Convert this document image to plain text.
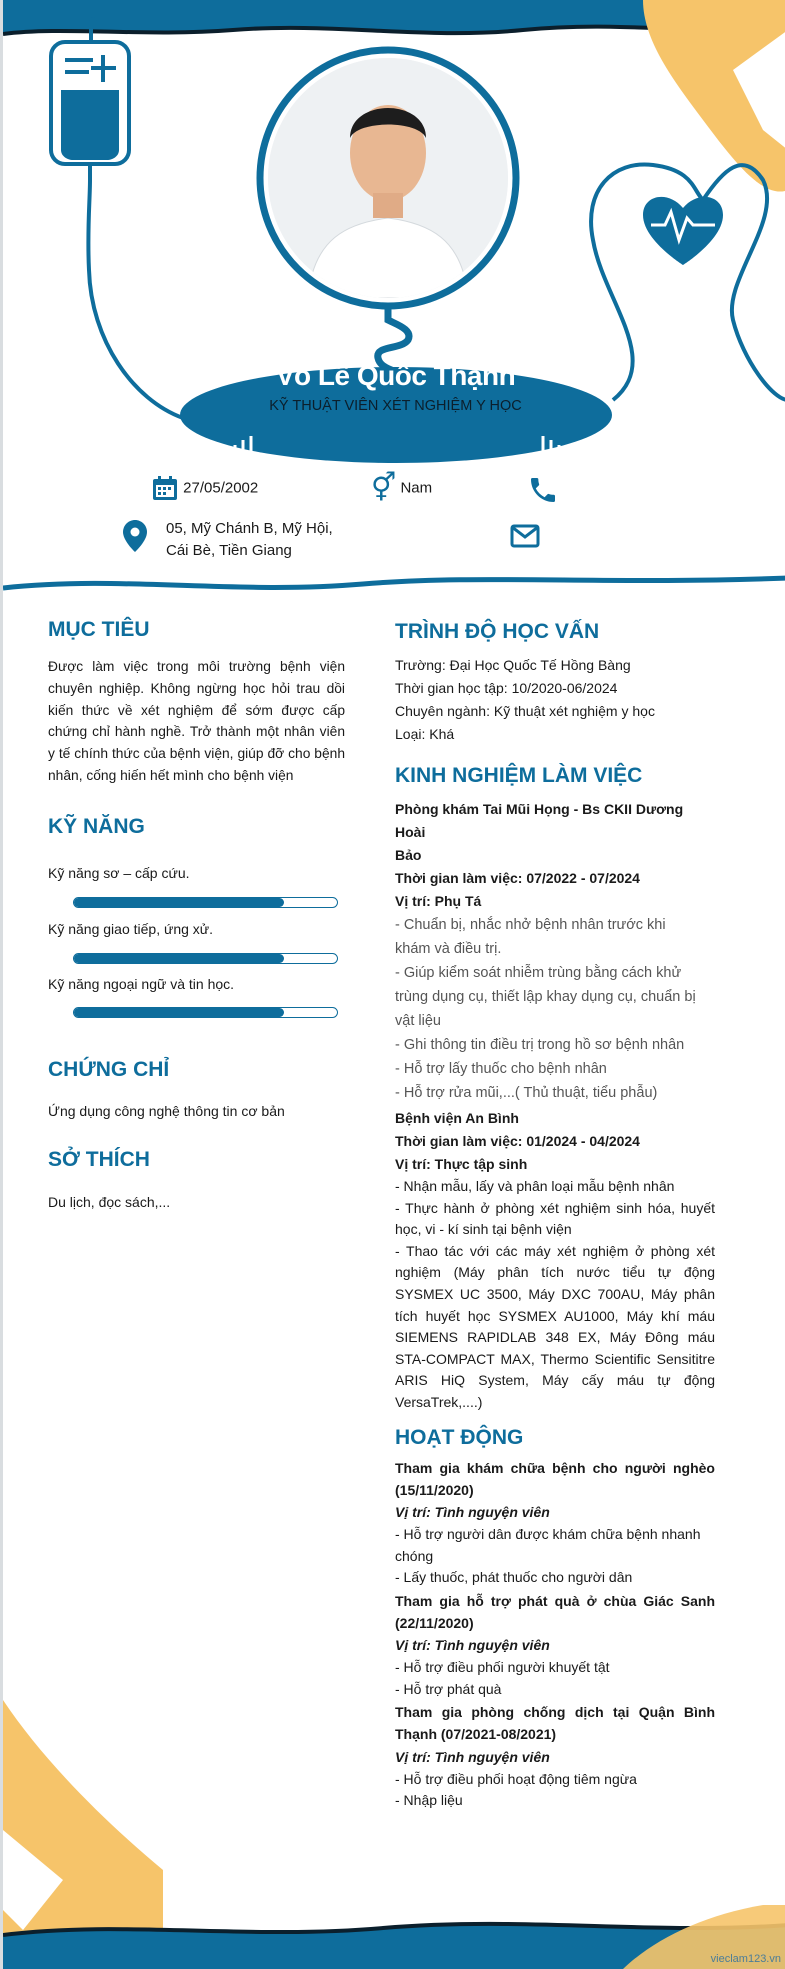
Võ Lê Quốc Thạnh
KỸ THUẬT VIÊN XÉT NGHIỆM Y HỌC
27/05/2002	⚥ Nam
05, Mỹ Chánh B, Mỹ Hội,
Cái Bè, Tiền Giang
MỤC TIÊU
Được làm việc trong môi trường bệnh viện chuyên nghiệp. Không ngừng học hỏi trau dồi kiến thức về xét nghiệm để sớm được cấp chứng chỉ hành nghề. Trở thành một nhân viên y tế chính thức của bệnh viện, giúp đỡ cho bệnh nhân, cống hiến hết mình cho bệnh viện
KỸ NĂNG
Kỹ năng sơ – cấp cứu.
Kỹ năng giao tiếp, ứng xử.
Kỹ năng ngoại ngữ và tin học.
CHỨNG CHỈ
Ứng dụng công nghệ thông tin cơ bản
SỞ THÍCH
Du lịch, đọc sách,...
TRÌNH ĐỘ HỌC VẤN
Trường: Đại Học Quốc Tế Hồng Bàng
Thời gian học tập: 10/2020-06/2024
Chuyên ngành: Kỹ thuật xét nghiệm y học
Loại: Khá
KINH NGHIỆM LÀM VIỆC
Phòng khám Tai Mũi Họng - Bs CKII Dương Hoài
Bảo
Thời gian làm việc: 07/2022 - 07/2024
Vị trí: Phụ Tá
- Chuẩn bị, nhắc nhở bệnh nhân trước khi
khám và điều trị.
- Giúp kiểm soát nhiễm trùng bằng cách khử
trùng dụng cụ, thiết lập khay dụng cụ, chuẩn bị
vật liệu
- Ghi thông tin điều trị trong hồ sơ bệnh nhân
- Hỗ trợ lấy thuốc cho bệnh nhân
- Hỗ trợ rửa mũi,...( Thủ thuật, tiểu phẫu)
Bệnh viện An Bình
Thời gian làm việc: 01/2024 - 04/2024
Vị trí: Thực tập sinh
- Nhận mẫu, lấy và phân loại mẫu bệnh nhân
- Thực hành ở phòng xét nghiệm sinh hóa, huyết học, vi - kí sinh tại bệnh viện
- Thao tác với các máy xét nghiệm ở phòng xét nghiệm (Máy phân tích nước tiểu tự động SYSMEX UC 3500, Máy DXC 700AU, Máy phân tích huyết học SYSMEX AU1000, Máy khí máu SIEMENS RAPIDLAB 348 EX, Máy Đông máu STA-COMPACT MAX, Thermo Scientific Sensititre ARIS HiQ System, Máy cấy máu tự động VersaTrek,....)
HOẠT ĐỘNG
Tham gia khám chữa bệnh cho người nghèo (15/11/2020)
Vị trí: Tình nguyện viên
- Hỗ trợ người dân được khám chữa bệnh nhanh chóng
- Lấy thuốc, phát thuốc cho người dân
Tham gia hỗ trợ phát quà ở chùa Giác Sanh (22/11/2020)
Vị trí: Tình nguyện viên
- Hỗ trợ điều phối người khuyết tật
- Hỗ trợ phát quà
Tham gia phòng chống dịch tại Quận Bình Thạnh (07/2021-08/2021)
Vị trí: Tình nguyện viên
- Hỗ trợ điều phối hoạt động tiêm ngừa
- Nhập liệu
vieclam123.vn
